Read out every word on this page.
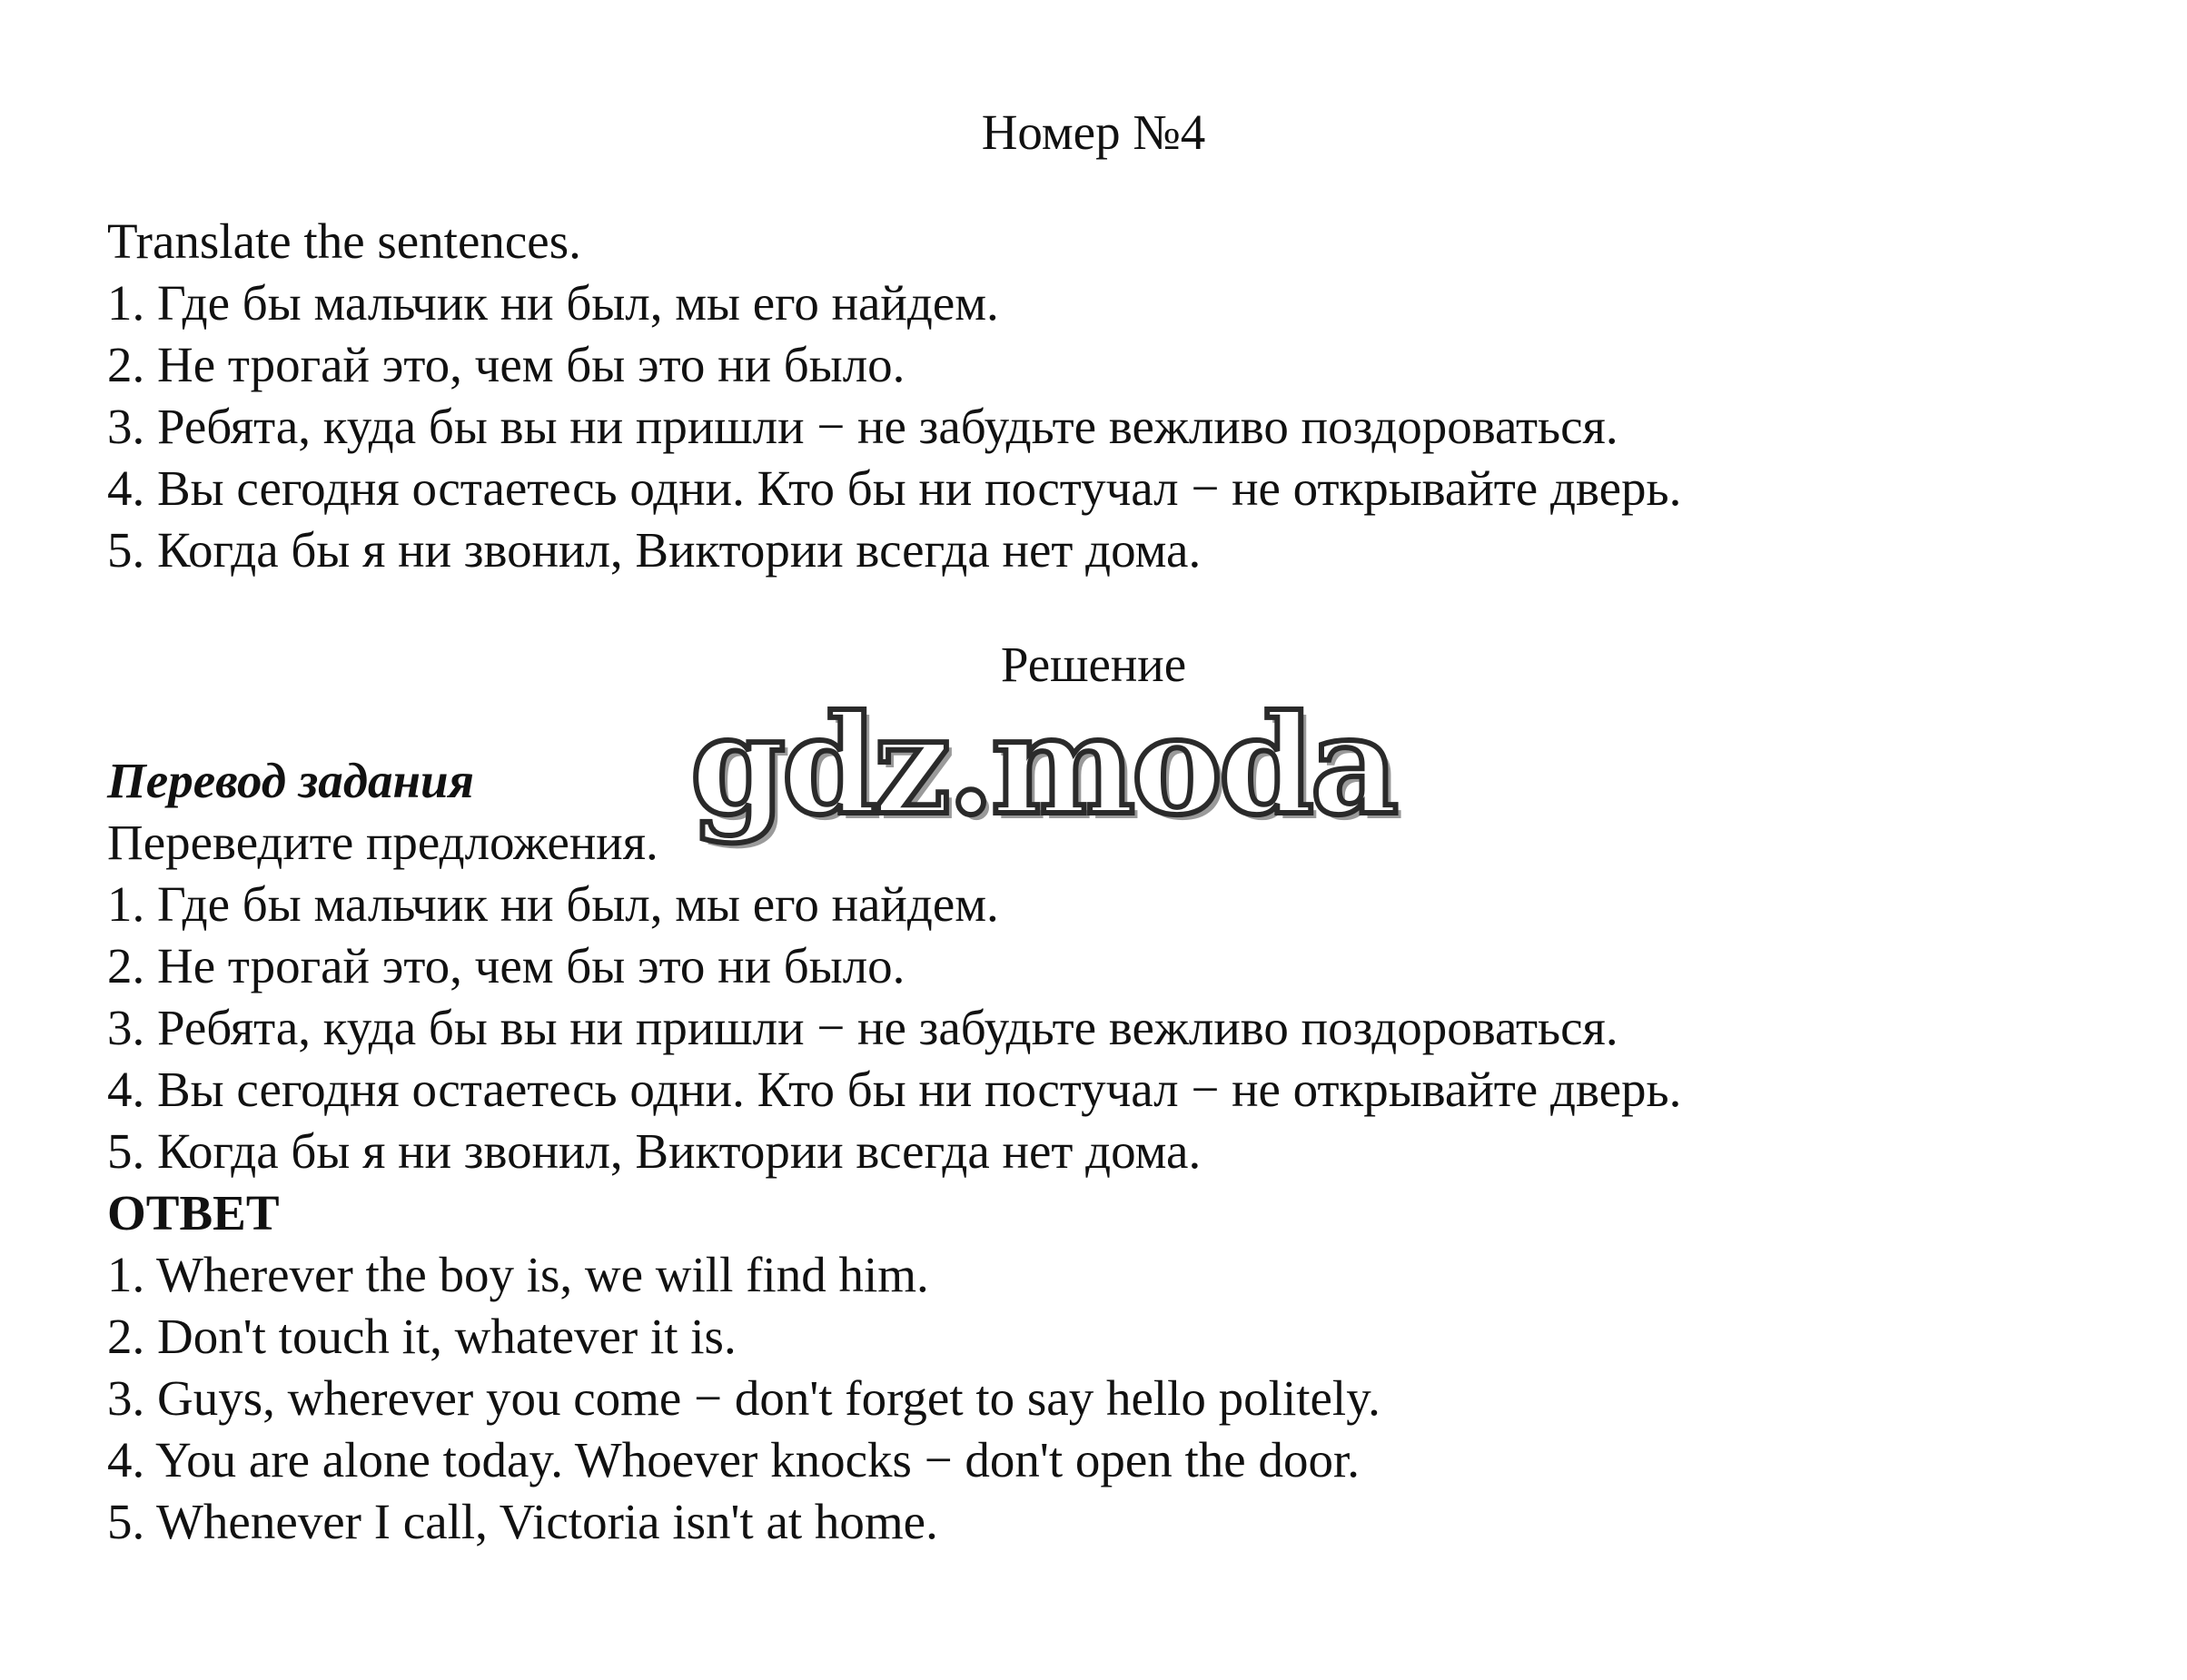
Номер №4
Translate the sentences.
1. Где бы мальчик ни был, мы его найдем.
2. Не трогай это, чем бы это ни было.
3. Ребята, куда бы вы ни пришли − не забудьте вежливо поздороваться.
4. Вы сегодня остаетесь одни. Кто бы ни постучал − не открывайте дверь.
5. Когда бы я ни звонил, Виктории всегда нет дома.
Решение
Перевод задания
Переведите предложения.
1. Где бы мальчик ни был, мы его найдем.
2. Не трогай это, чем бы это ни было.
3. Ребята, куда бы вы ни пришли − не забудьте вежливо поздороваться.
4. Вы сегодня остаетесь одни. Кто бы ни постучал − не открывайте дверь.
5. Когда бы я ни звонил, Виктории всегда нет дома.
ОТВЕТ
1. Wherever the boy is, we will find him.
2. Don't touch it, whatever it is.
3. Guys, wherever you come − don't forget to say hello politely.
4. You are alone today. Whoever knocks − don't open the door.
5. Whenever I call, Victoria isn't at home.
gdz.moda
